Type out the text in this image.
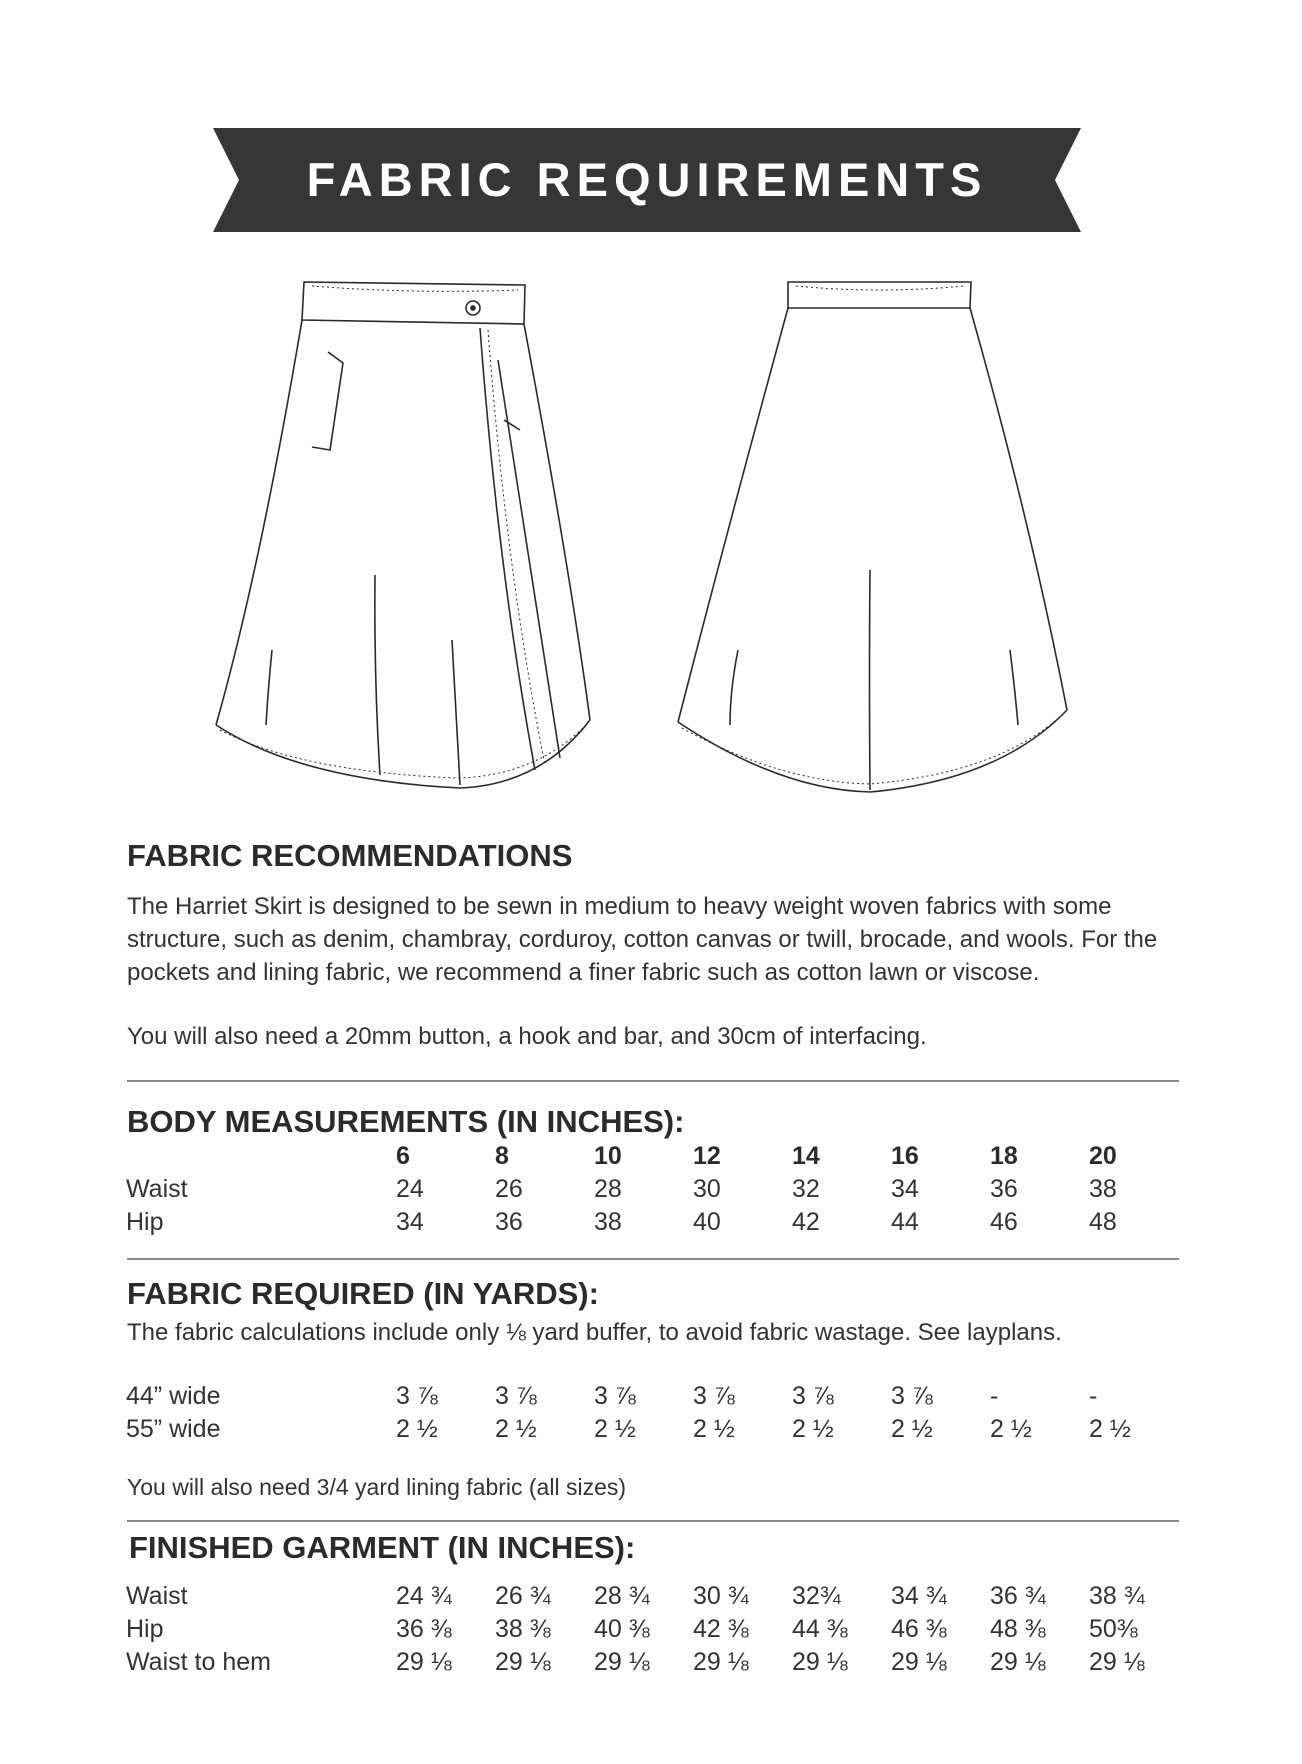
FABRIC REQUIREMENTS
FABRIC RECOMMENDATIONS

The Harriet Skirt is designed to be sewn in medium to heavy weight woven fabrics with some structure, such as denim, chambray, corduroy, cotton canvas or twill, brocade, and wools. For the pockets and lining fabric, we recommend a finer fabric such as cotton lawn or viscose.

You will also need a 20mm button, a hook and bar, and 30cm of interfacing.

BODY MEASUREMENTS (IN INCHES):
	6	8	10	12	14	16	18	20
Waist	24	26	28	30	32	34	36	38
Hip	34	36	38	40	42	44	46	48
FABRIC REQUIRED (IN YARDS):

The fabric calculations include only ⅛ yard buffer, to avoid fabric wastage. See layplans.

44” wide	3 ⅞	3 ⅞	3 ⅞	3 ⅞	3 ⅞	3 ⅞	-	-
55” wide	2 ½	2 ½	2 ½	2 ½	2 ½	2 ½	2 ½	2 ½

You will also need 3/4 yard lining fabric (all sizes)

FINISHED GARMENT (IN INCHES):
Waist	24 ¾	26 ¾	28 ¾	30 ¾	32¾	34 ¾	36 ¾	38 ¾
Hip	36 ⅜	38 ⅜	40 ⅜	42 ⅜	44 ⅜	46 ⅜	48 ⅜	50⅜
Waist to hem	29 ⅛	29 ⅛	29 ⅛	29 ⅛	29 ⅛	29 ⅛	29 ⅛	29 ⅛
